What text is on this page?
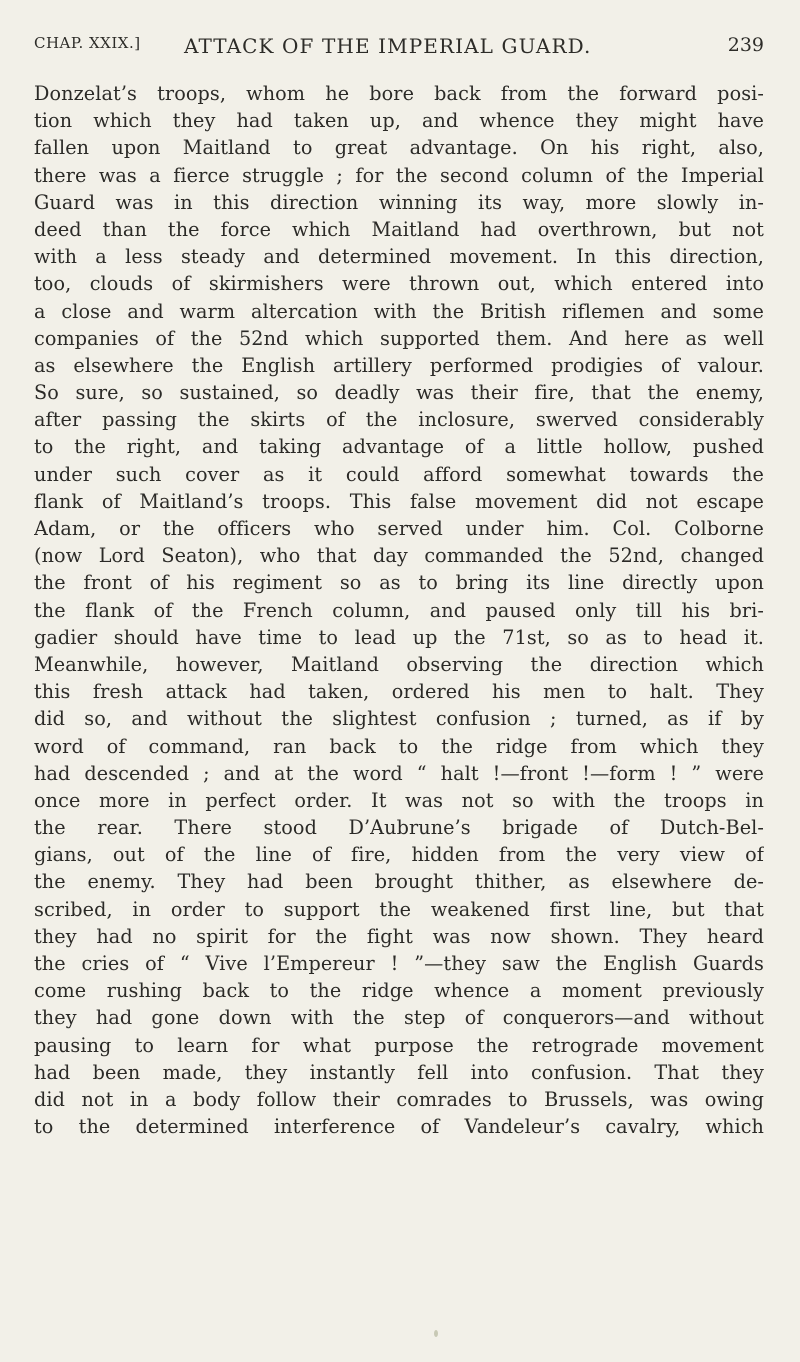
CHAP. XXIX.] ATTACK OF THE IMPERIAL GUARD.	239
Donzelat’s troops, whom he bore back from the forward posi-
tion which they had taken up, and whence they might have
fallen upon Maitland to great advantage. On his right, also,
there was a fierce struggle ; for the second column of the Imperial
Guard was in this direction winning its way, more slowly in-
deed than the force which Maitland had overthrown, but not
with a less steady and determined movement. In this direction,
too, clouds of skirmishers were thrown out, which entered into
a close and warm altercation with the British riflemen and some
companies of the 52nd which supported them. And here as well
as elsewhere the English artillery performed prodigies of valour.
So sure, so sustained, so deadly was their fire, that the enemy,
after passing the skirts of the inclosure, swerved considerably
to the right, and taking advantage of a little hollow, pushed
under such cover as it could afford somewhat towards the
flank of Maitland’s troops. This false movement did not escape
Adam, or the officers who served under him. Col. Colborne
(now Lord Seaton), who that day commanded the 52nd, changed
the front of his regiment so as to bring its line directly upon
the flank of the French column, and paused only till his bri-
gadier should have time to lead up the 71st, so as to head it.
Meanwhile, however, Maitland observing the direction which
this fresh attack had taken, ordered his men to halt. They
did so, and without the slightest confusion ; turned, as if by
word of command, ran back to the ridge from which they
had descended ; and at the word “ halt !—front !—form ! ” were
once more in perfect order. It was not so with the troops in
the rear. There stood D’Aubrune’s brigade of Dutch-Bel-
gians, out of the line of fire, hidden from the very view of
the enemy. They had been brought thither, as elsewhere de-
scribed, in order to support the weakened first line, but that
they had no spirit for the fight was now shown. They heard
the cries of “ Vive l’Empereur ! ”—they saw the English Guards
come rushing back to the ridge whence a moment previously
they had gone down with the step of conquerors—and without
pausing to learn for what purpose the retrograde movement
had been made, they instantly fell into confusion. That they
did not in a body follow their comrades to Brussels, was owing
to the determined interference of Vandeleur’s cavalry, which
